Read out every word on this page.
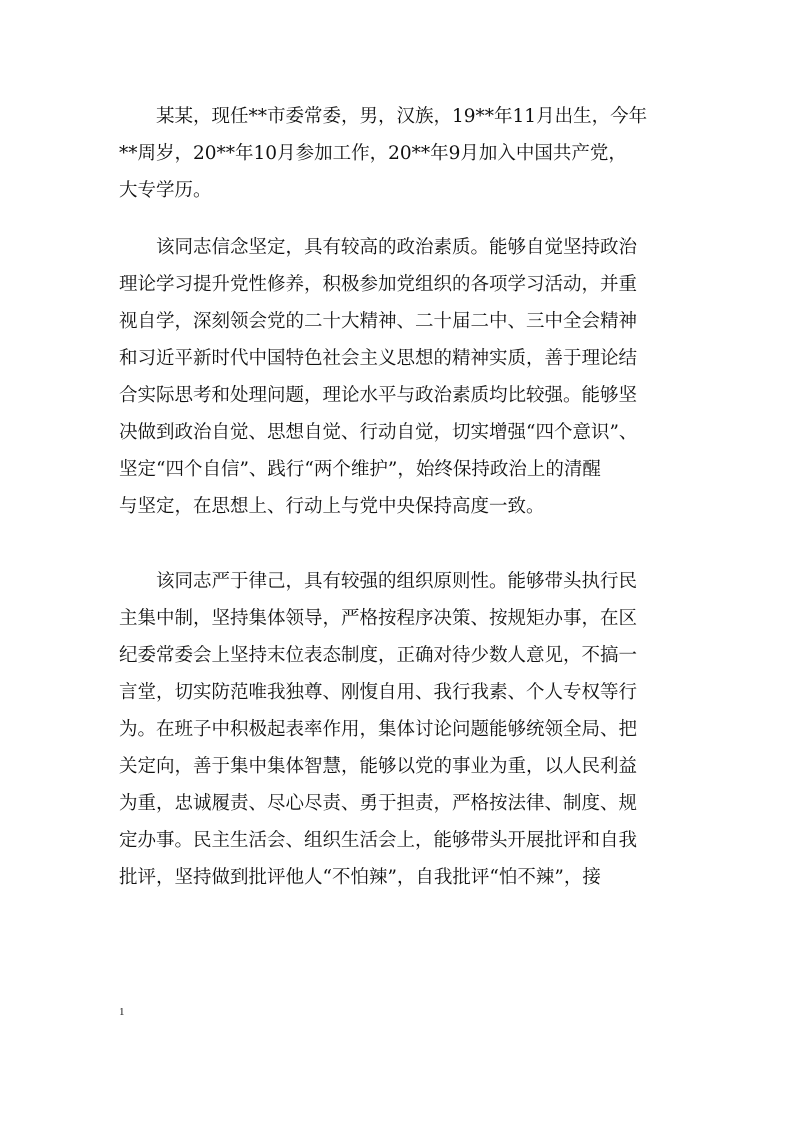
　　某某，现任**市委常委，男，汉族，19**年11月出生，今年
**周岁，20**年10月参加工作，20**年9月加入中国共产党，
大专学历。
　　该同志信念坚定，具有较高的政治素质。能够自觉坚持政治
理论学习提升党性修养，积极参加党组织的各项学习活动，并重
视自学，深刻领会党的二十大精神、二十届二中、三中全会精神
和习近平新时代中国特色社会主义思想的精神实质，善于理论结
合实际思考和处理问题，理论水平与政治素质均比较强。能够坚
决做到政治自觉、思想自觉、行动自觉，切实增强“四个意识”、
坚定“四个自信”、践行“两个维护”，始终保持政治上的清醒
与坚定，在思想上、行动上与党中央保持高度一致。
　　该同志严于律己，具有较强的组织原则性。能够带头执行民
主集中制，坚持集体领导，严格按程序决策、按规矩办事，在区
纪委常委会上坚持末位表态制度，正确对待少数人意见，不搞一
言堂，切实防范唯我独尊、刚愎自用、我行我素、个人专权等行
为。在班子中积极起表率作用，集体讨论问题能够统领全局、把
关定向，善于集中集体智慧，能够以党的事业为重，以人民利益
为重，忠诚履责、尽心尽责、勇于担责，严格按法律、制度、规
定办事。民主生活会、组织生活会上，能够带头开展批评和自我
批评，坚持做到批评他人“不怕辣”，自我批评“怕不辣”，接
1
